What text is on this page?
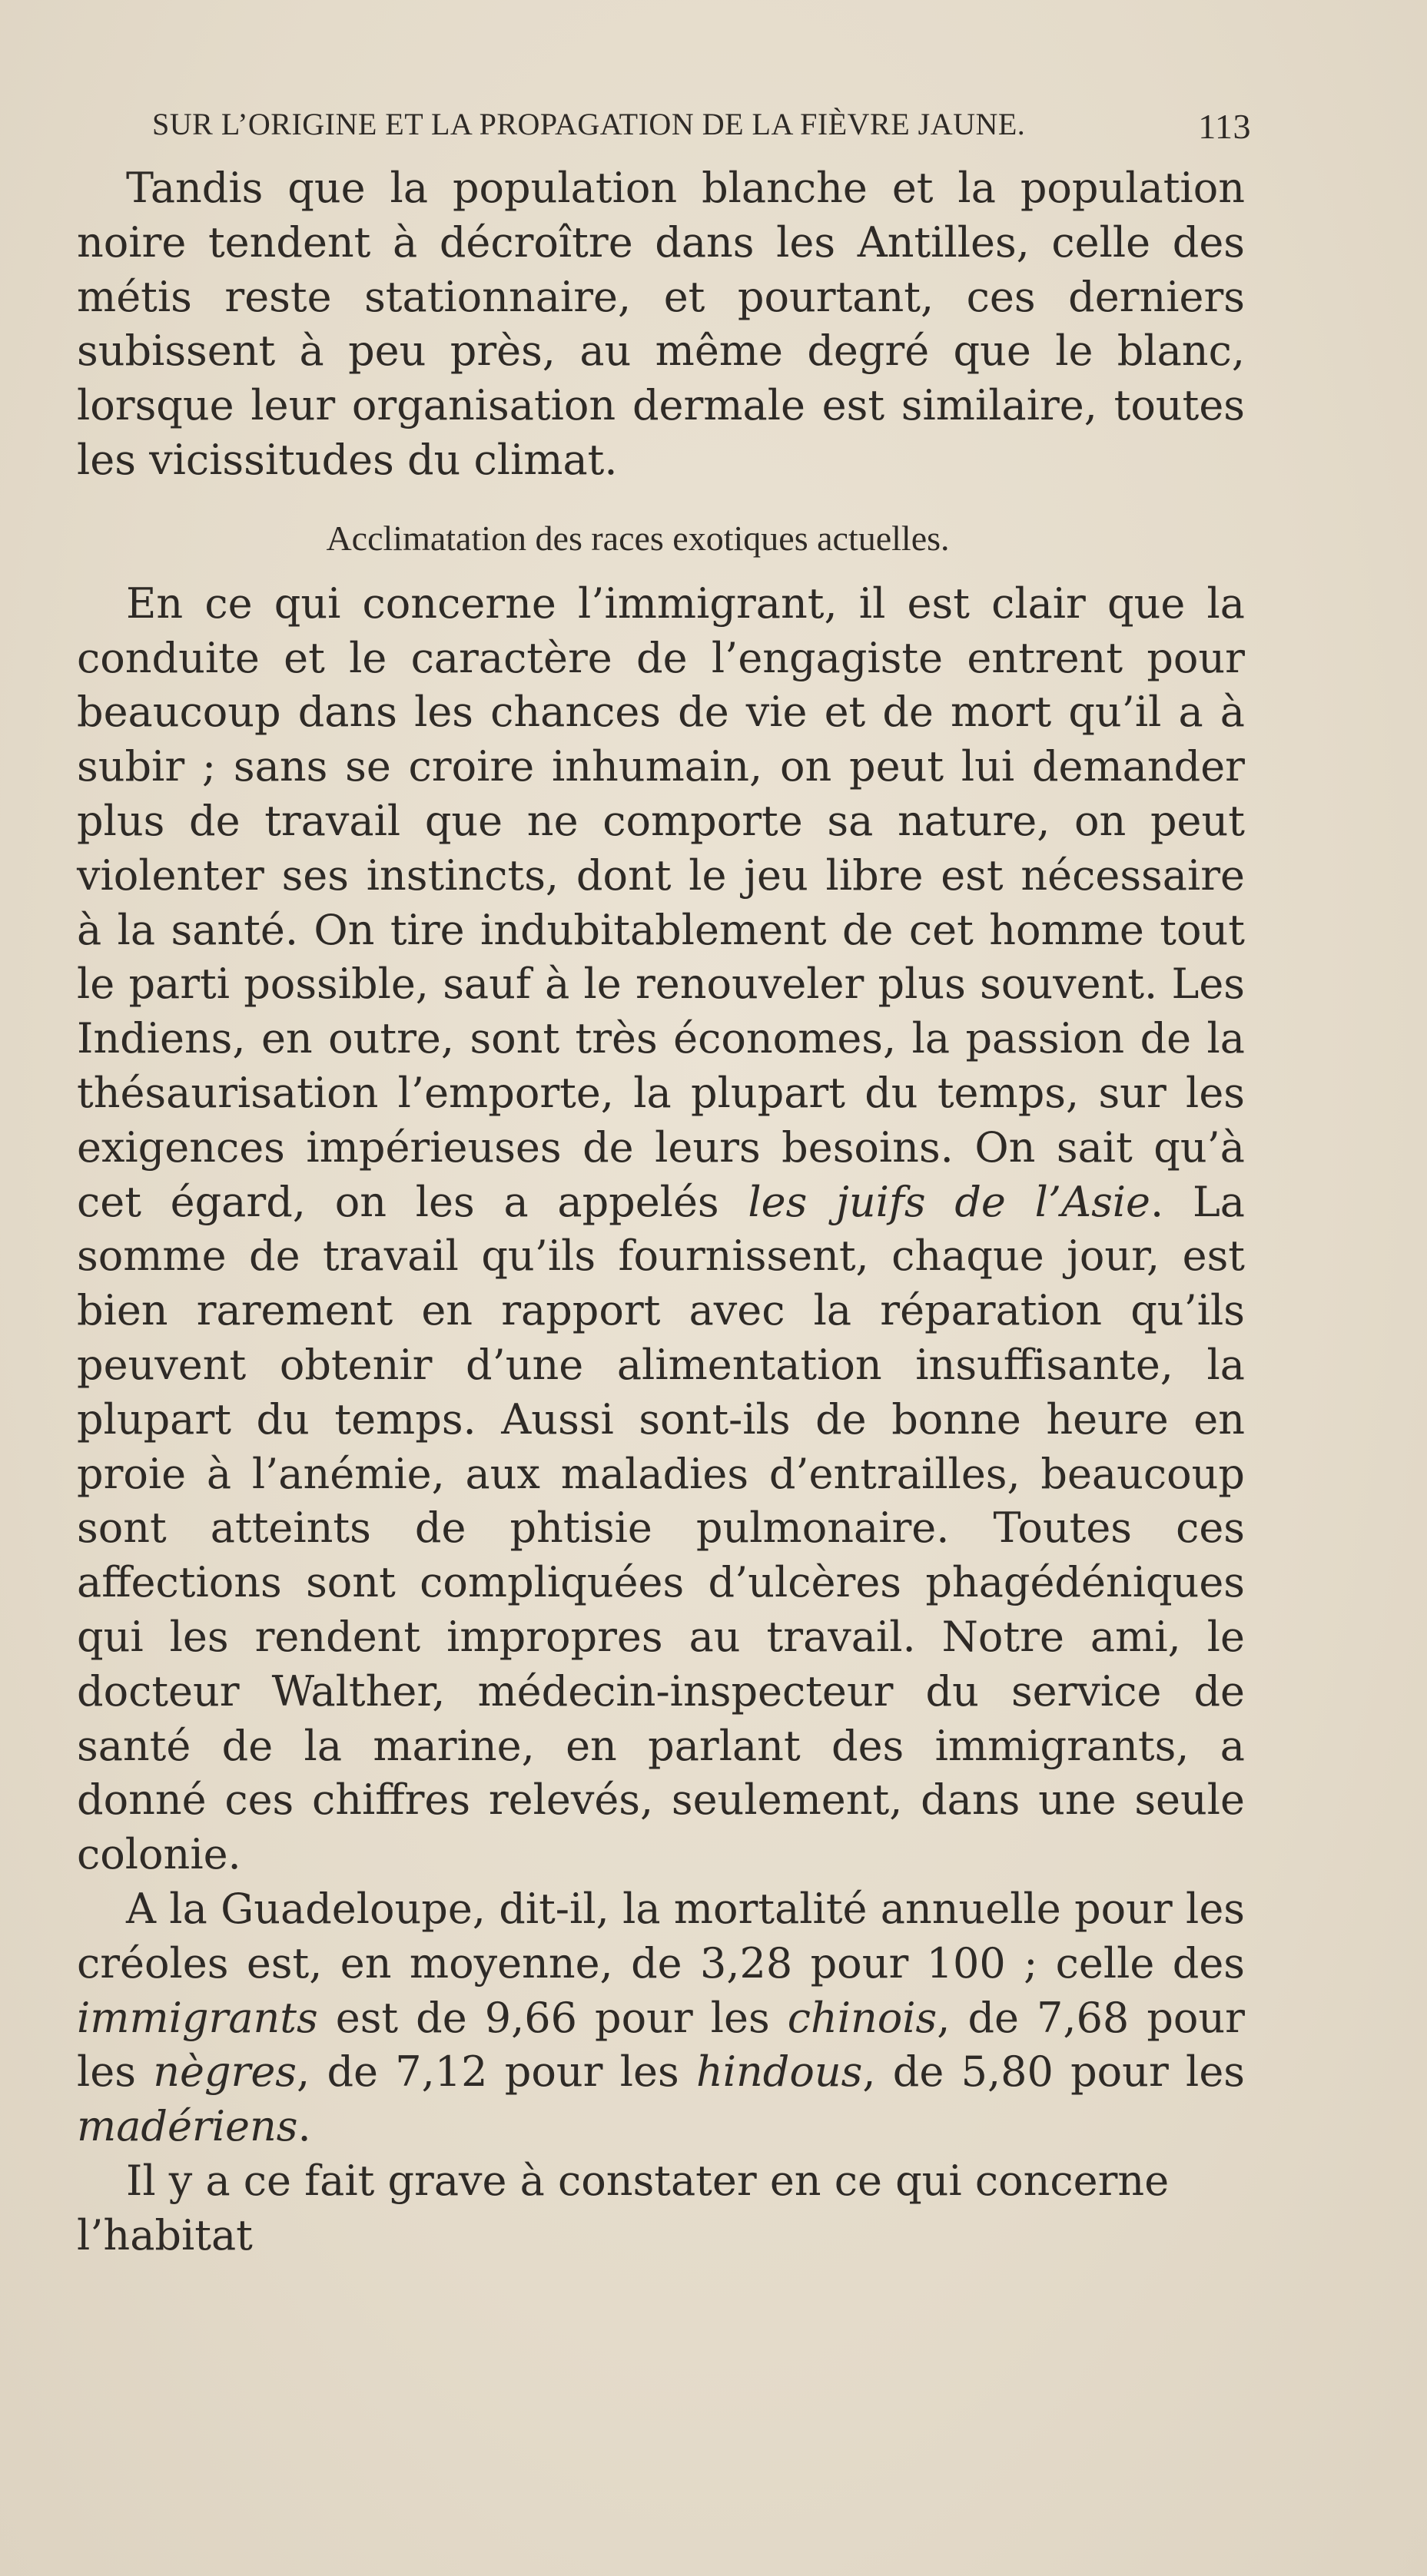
SUR L’ORIGINE ET LA PROPAGATION DE LA FIÈVRE JAUNE.	113

Tandis que la population blanche et la population noire tendent à décroître dans les Antilles, celle des métis reste stationnaire, et pourtant, ces derniers subissent à peu près, au même degré que le blanc, lorsque leur organisation dermale est similaire, toutes les vicissitudes du climat.

Acclimatation des races exotiques actuelles.

En ce qui concerne l’immigrant, il est clair que la conduite et le caractère de l’engagiste entrent pour beaucoup dans les chances de vie et de mort qu’il a à subir ; sans se croire inhumain, on peut lui demander plus de travail que ne comporte sa nature, on peut violenter ses instincts, dont le jeu libre est nécessaire à la santé. On tire indubitablement de cet homme tout le parti possible, sauf à le renouveler plus souvent. Les Indiens, en outre, sont très économes, la passion de la thésaurisation l’emporte, la plupart du temps, sur les exigences impérieuses de leurs besoins. On sait qu’à cet égard, on les a appelés les juifs de l’Asie. La somme de travail qu’ils fournissent, chaque jour, est bien rarement en rapport avec la réparation qu’ils peuvent obtenir d’une alimentation insuffisante, la plupart du temps. Aussi sont-ils de bonne heure en proie à l’anémie, aux maladies d’entrailles, beaucoup sont atteints de phtisie pulmonaire. Toutes ces affections sont compliquées d’ulcères phagédéniques qui les rendent impropres au travail. Notre ami, le docteur Walther, médecin-inspecteur du service de santé de la marine, en parlant des immigrants, a donné ces chiffres relevés, seulement, dans une seule colonie.

A la Guadeloupe, dit-il, la mortalité annuelle pour les créoles est, en moyenne, de 3,28 pour 100 ; celle des immigrants est de 9,66 pour les chinois, de 7,68 pour les nègres, de 7,12 pour les hindous, de 5,80 pour les madériens.

Il y a ce fait grave à constater en ce qui concerne l’habitat
